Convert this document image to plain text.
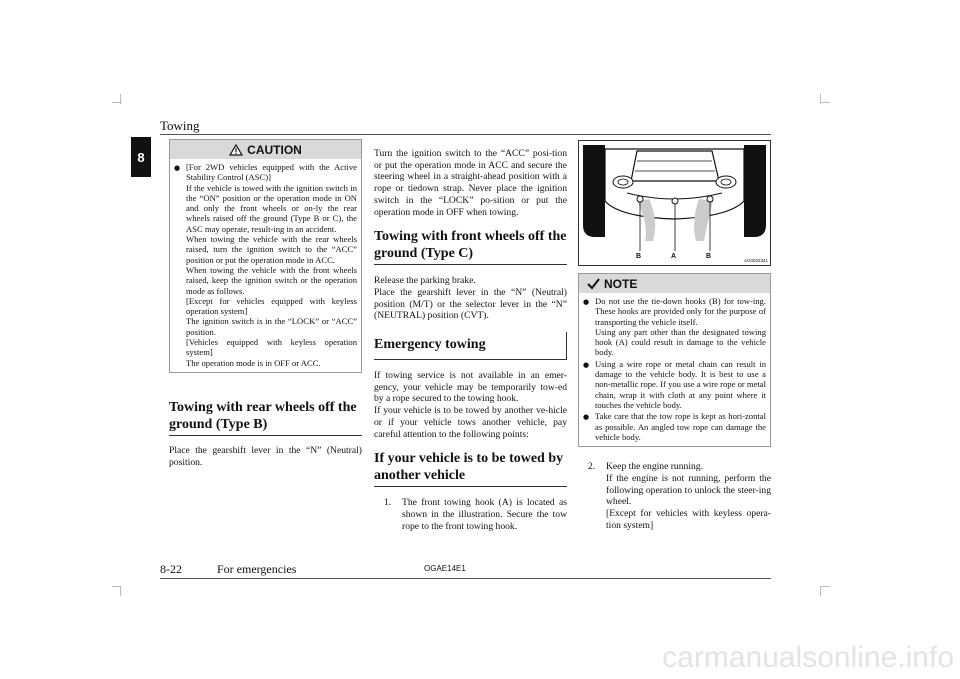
Towing
8	CAUTION
● [For 2WD vehicles equipped with the Active Stability Control (ASC)]
If the vehicle is towed with the ignition switch in the “ON” position or the operation mode in ON and only the front wheels or on-ly the rear wheels raised off the ground (Type B or C), the ASC may operate, result-ing in an accident.
When towing the vehicle with the rear wheels raised, turn the ignition switch to the “ACC” position or put the operation mode in ACC.
When towing the vehicle with the front wheels raised, keep the ignition switch or the operation mode as follows.
[Except for vehicles equipped with keyless operation system]
The ignition switch is in the “LOCK” or “ACC” position.
[Vehicles equipped with keyless operation system]
The operation mode is in OFF or ACC.
Towing with rear wheels off the ground (Type B)

Place the gearshift lever in the “N” (Neutral) position.

Turn the ignition switch to the “ACC” posi-tion or put the operation mode in ACC and secure the steering wheel in a straight-ahead position with a rope or tiedown strap. Never place the ignition switch in the “LOCK” po-sition or put the operation mode in OFF when towing.

Towing with front wheels off the ground (Type C)

Release the parking brake.
Place the gearshift lever in the “N” (Neutral) position (M/T) or the selector lever in the “N” (NEUTRAL) position (CVT).

Emergency towing

If towing service is not available in an emer-gency, your vehicle may be temporarily tow-ed by a rope secured to the towing hook.
If your vehicle is to be towed by another ve-hicle or if your vehicle tows another vehicle, pay careful attention to the following points:

If your vehicle is to be towed by another vehicle
1.	The front towing hook (A) is located as shown in the illustration. Secure the tow rope to the front towing hook.
B	A	B
AG0022341
NOTE
● Do not use the tie-down hooks (B) for tow-ing. These hooks are provided only for the purpose of transporting the vehicle itself.
Using any part other than the designated towing hook (A) could result in damage to the vehicle body.
● Using a wire rope or metal chain can result in damage to the vehicle body. It is best to use a non-metallic rope. If you use a wire rope or metal chain, wrap it with cloth at any point where it touches the vehicle body.
● Take care that the tow rope is kept as hori-zontal as possible. An angled tow rope can damage the vehicle body.
2.	Keep the engine running.
If the engine is not running, perform the following operation to unlock the steer-ing wheel.
[Except for vehicles with keyless opera-tion system]
8-22	For emergencies	OGAE14E1
carmanualsonline.info
